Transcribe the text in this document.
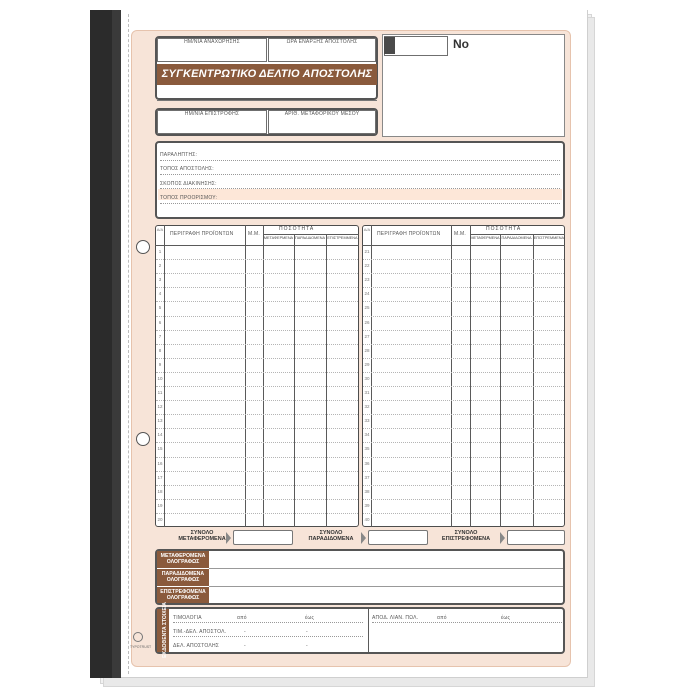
ΗΜ/ΝΙΑ ΑΝΑΧΩΡΗΣΗΣ	ΩΡΑ ΕΝΑΡΞΗΣ ΑΠΟΣΤΟΛΗΣ
ΣΥΓΚΕΝΤΡΩΤΙΚΟ ΔΕΛΤΙΟ ΑΠΟΣΤΟΛΗΣ
ΗΜ/ΝΙΑ ΕΠΙΣΤΡΟΦΗΣ	ΑΡΙΘ. ΜΕΤΑΦΟΡΙΚΟΥ ΜΕΣΟΥ
No
ΠΑΡΑΛΗΠΤΗΣ:
ΤΟΠΟΣ ΑΠΟΣΤΟΛΗΣ:
ΣΚΟΠΟΣ ΔΙΑΚΙΝΗΣΗΣ:
ΤΟΠΟΣ ΠΡΟΟΡΙΣΜΟΥ:
Α/Α
ΠΕΡΙΓΡΑΦΗ ΠΡΟΪΟΝΤΩΝ	Μ.Μ.
ΠΟΣΟΤΗΤΑ
ΜΕΤΑΦΕΡΜΕΝΑ ΠΑΡΑΔΙΔΟΜΕΝΑ ΕΠΙΣΤΡΕΜΜΕΝΑ
1
2
3
4
5
6
7
8
9
10
11
12
13
14
15
16
17
18
19
20
Α/Α
ΠΕΡΙΓΡΑΦΗ ΠΡΟΪΟΝΤΩΝ	Μ.Μ.
ΠΟΣΟΤΗΤΑ
ΜΕΤΑΦΕΡΜΕΝΑ ΠΑΡΑΔΙΔΟΜΕΝΑ ΕΠΙΣΤΡΕΜΜΕΝΑ
21
22
23
24
25
26
27
28
29
30
31
32
33
34
35
36
37
38
39
40
ΣΥΝΟΛΟ
ΜΕΤΑΦΕΡΟΜΕΝΑ
ΣΥΝΟΛΟ
ΠΑΡΑΔΙΔΟΜΕΝΑ
ΣΥΝΟΛΟ
ΕΠΙΣΤΡΕΦΟΜΕΝΑ
ΜΕΤΑΦΕΡΟΜΕΝΑ
ΟΛΟΓΡΑΦΩΣ
ΠΑΡΑΔΙΔΟΜΕΝΑ
ΟΛΟΓΡΑΦΩΣ
ΕΠΙΣΤΡΕΦΟΜΕΝΑ
ΟΛΟΓΡΑΦΩΣ
ΕΚΔΟΘΕΝΤΑ ΣΤΟΙΧΕΙΑ ΤΙΜΟΛΟΓΙΑ	από	έως
ΤΙΜ.-ΔΕΛ. ΑΠΟΣΤΟΛ.	-	-
ΔΕΛ. ΑΠΟΣΤΟΛΗΣ	-	-
ΑΠΟΔ. ΛΙΑΝ. ΠΩΛ.	από	έως
TYPOTRUST
